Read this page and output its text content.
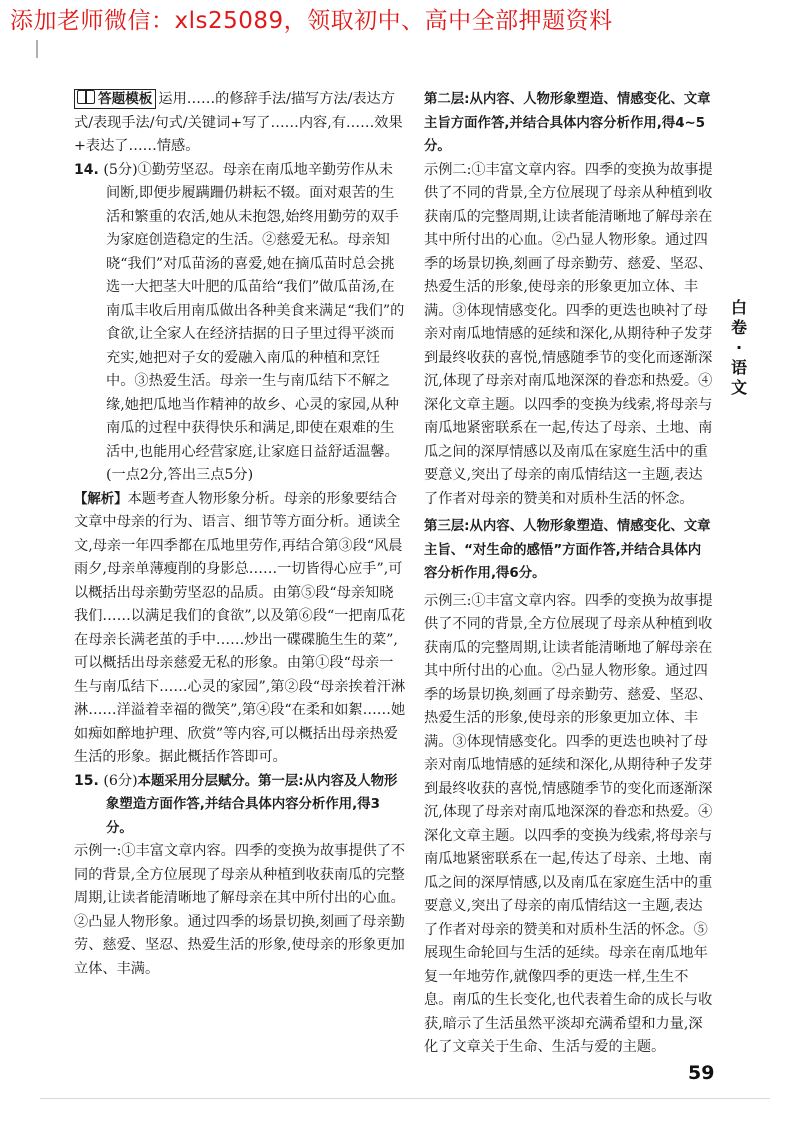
添加老师微信：xls25089，领取初中、高中全部押题资料

答题模板 运用……的修辞手法/描写方法/表达方式/表现手法/句式/关键词+写了……内容,有……效果+表达了……情感。

14. (5分)①勤劳坚忍。母亲在南瓜地辛勤劳作从未间断,即便步履蹒跚仍耕耘不辍。面对艰苦的生活和繁重的农活,她从未抱怨,始终用勤劳的双手为家庭创造稳定的生活。②慈爱无私。母亲知晓“我们”对瓜苗汤的喜爱,她在摘瓜苗时总会挑选一大把茎大叶肥的瓜苗给“我们”做瓜苗汤,在南瓜丰收后用南瓜做出各种美食来满足“我们”的食欲,让全家人在经济拮据的日子里过得平淡而充实,她把对子女的爱融入南瓜的种植和烹饪中。③热爱生活。母亲一生与南瓜结下不解之缘,她把瓜地当作精神的故乡、心灵的家园,从种南瓜的过程中获得快乐和满足,即使在艰难的生活中,也能用心经营家庭,让家庭日益舒适温馨。(一点2分,答出三点5分)

【解析】本题考查人物形象分析。母亲的形象要结合文章中母亲的行为、语言、细节等方面分析。通读全文,母亲一年四季都在瓜地里劳作,再结合第③段“风晨雨夕,母亲单薄瘦削的身影总……一切皆得心应手”,可以概括出母亲勤劳坚忍的品质。由第⑤段“母亲知晓我们……以满足我们的食欲”,以及第⑥段“一把南瓜花在母亲长满老茧的手中……炒出一碟碟脆生生的菜”,可以概括出母亲慈爱无私的形象。由第①段“母亲一生与南瓜结下……心灵的家园”,第②段“母亲挨着汗淋淋……洋溢着幸福的微笑”,第④段“在柔和如絮……她如痴如醉地护理、欣赏”等内容,可以概括出母亲热爱生活的形象。据此概括作答即可。

15. (6分)本题采用分层赋分。第一层:从内容及人物形象塑造方面作答,并结合具体内容分析作用,得3分。

示例一:①丰富文章内容。四季的变换为故事提供了不同的背景,全方位展现了母亲从种植到收获南瓜的完整周期,让读者能清晰地了解母亲在其中所付出的心血。②凸显人物形象。通过四季的场景切换,刻画了母亲勤劳、慈爱、坚忍、热爱生活的形象,使母亲的形象更加立体、丰满。

第二层:从内容、人物形象塑造、情感变化、文章主旨方面作答,并结合具体内容分析作用,得4~5分。

示例二:①丰富文章内容。四季的变换为故事提供了不同的背景,全方位展现了母亲从种植到收获南瓜的完整周期,让读者能清晰地了解母亲在其中所付出的心血。②凸显人物形象。通过四季的场景切换,刻画了母亲勤劳、慈爱、坚忍、热爱生活的形象,使母亲的形象更加立体、丰满。③体现情感变化。四季的更迭也映衬了母亲对南瓜地情感的延续和深化,从期待种子发芽到最终收获的喜悦,情感随季节的变化而逐渐深沉,体现了母亲对南瓜地深深的眷恋和热爱。④深化文章主题。以四季的变换为线索,将母亲与南瓜地紧密联系在一起,传达了母亲、土地、南瓜之间的深厚情感以及南瓜在家庭生活中的重要意义,突出了母亲的南瓜情结这一主题,表达了作者对母亲的赞美和对质朴生活的怀念。

第三层:从内容、人物形象塑造、情感变化、文章主旨、“对生命的感悟”方面作答,并结合具体内容分析作用,得6分。

示例三:①丰富文章内容。四季的变换为故事提供了不同的背景,全方位展现了母亲从种植到收获南瓜的完整周期,让读者能清晰地了解母亲在其中所付出的心血。②凸显人物形象。通过四季的场景切换,刻画了母亲勤劳、慈爱、坚忍、热爱生活的形象,使母亲的形象更加立体、丰满。③体现情感变化。四季的更迭也映衬了母亲对南瓜地情感的延续和深化,从期待种子发芽到最终收获的喜悦,情感随季节的变化而逐渐深沉,体现了母亲对南瓜地深深的眷恋和热爱。④深化文章主题。以四季的变换为线索,将母亲与南瓜地紧密联系在一起,传达了母亲、土地、南瓜之间的深厚情感,以及南瓜在家庭生活中的重要意义,突出了母亲的南瓜情结这一主题,表达了作者对母亲的赞美和对质朴生活的怀念。⑤展现生命轮回与生活的延续。母亲在南瓜地年复一年地劳作,就像四季的更迭一样,生生不息。南瓜的生长变化,也代表着生命的成长与收获,暗示了生活虽然平淡却充满希望和力量,深化了文章关于生命、生活与爱的主题。

白
卷
·
语
文
59
